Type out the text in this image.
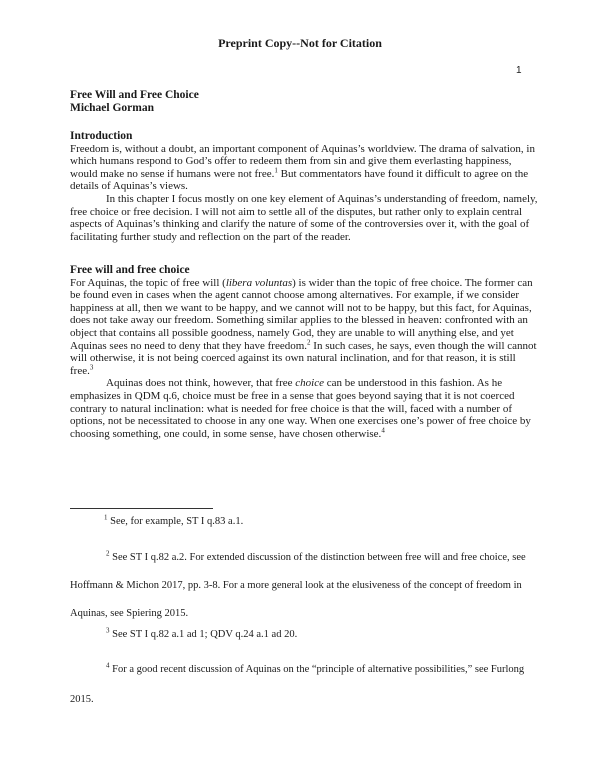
Preprint Copy--Not for Citation
1
Free Will and Free Choice
Michael Gorman
Introduction

Freedom is, without a doubt, an important component of Aquinas’s worldview. The drama of salvation, in which humans respond to God’s offer to redeem them from sin and give them everlasting happiness, would make no sense if humans were not free.$^1$ But commentators have found it difficult to agree on the details of Aquinas’s views.

In this chapter I focus mostly on one key element of Aquinas’s understanding of freedom, namely, free choice or free decision. I will not aim to settle all of the disputes, but rather only to explain central aspects of Aquinas’s thinking and clarify the nature of some of the controversies over it, with the goal of facilitating further study and reflection on the part of the reader.

Free will and free choice

For Aquinas, the topic of free will (libera voluntas) is wider than the topic of free choice. The former can be found even in cases when the agent cannot choose among alternatives. For example, if we consider happiness at all, then we want to be happy, and we cannot will not to be happy, but this fact, for Aquinas, does not take away our freedom. Something similar applies to the blessed in heaven: confronted with an object that contains all possible goodness, namely God, they are unable to will anything else, and yet Aquinas sees no need to deny that they have freedom.$^2$ In such cases, he says, even though the will cannot will otherwise, it is not being coerced against its own natural inclination, and for that reason, it is still free.$^3$

Aquinas does not think, however, that free choice can be understood in this fashion. As he emphasizes in QDM q.6, choice must be free in a sense that goes beyond saying that it is not coerced contrary to natural inclination: what is needed for free choice is that the will, faced with a number of options, not be necessitated to choose in any one way. When one exercises one’s power of free choice by choosing something, one could, in some sense, have chosen otherwise.$^4$

$^1$ See, for example, ST I q.83 a.1.
$^2$ See ST I q.82 a.2. For extended discussion of the distinction between free will and free choice, see Hoffmann & Michon 2017, pp. 3-8. For a more general look at the elusiveness of the concept of freedom in Aquinas, see Spiering 2015.
$^3$ See ST I q.82 a.1 ad 1; QDV q.24 a.1 ad 20.
$^4$ For a good recent discussion of Aquinas on the “principle of alternative possibilities,” see Furlong 2015.
